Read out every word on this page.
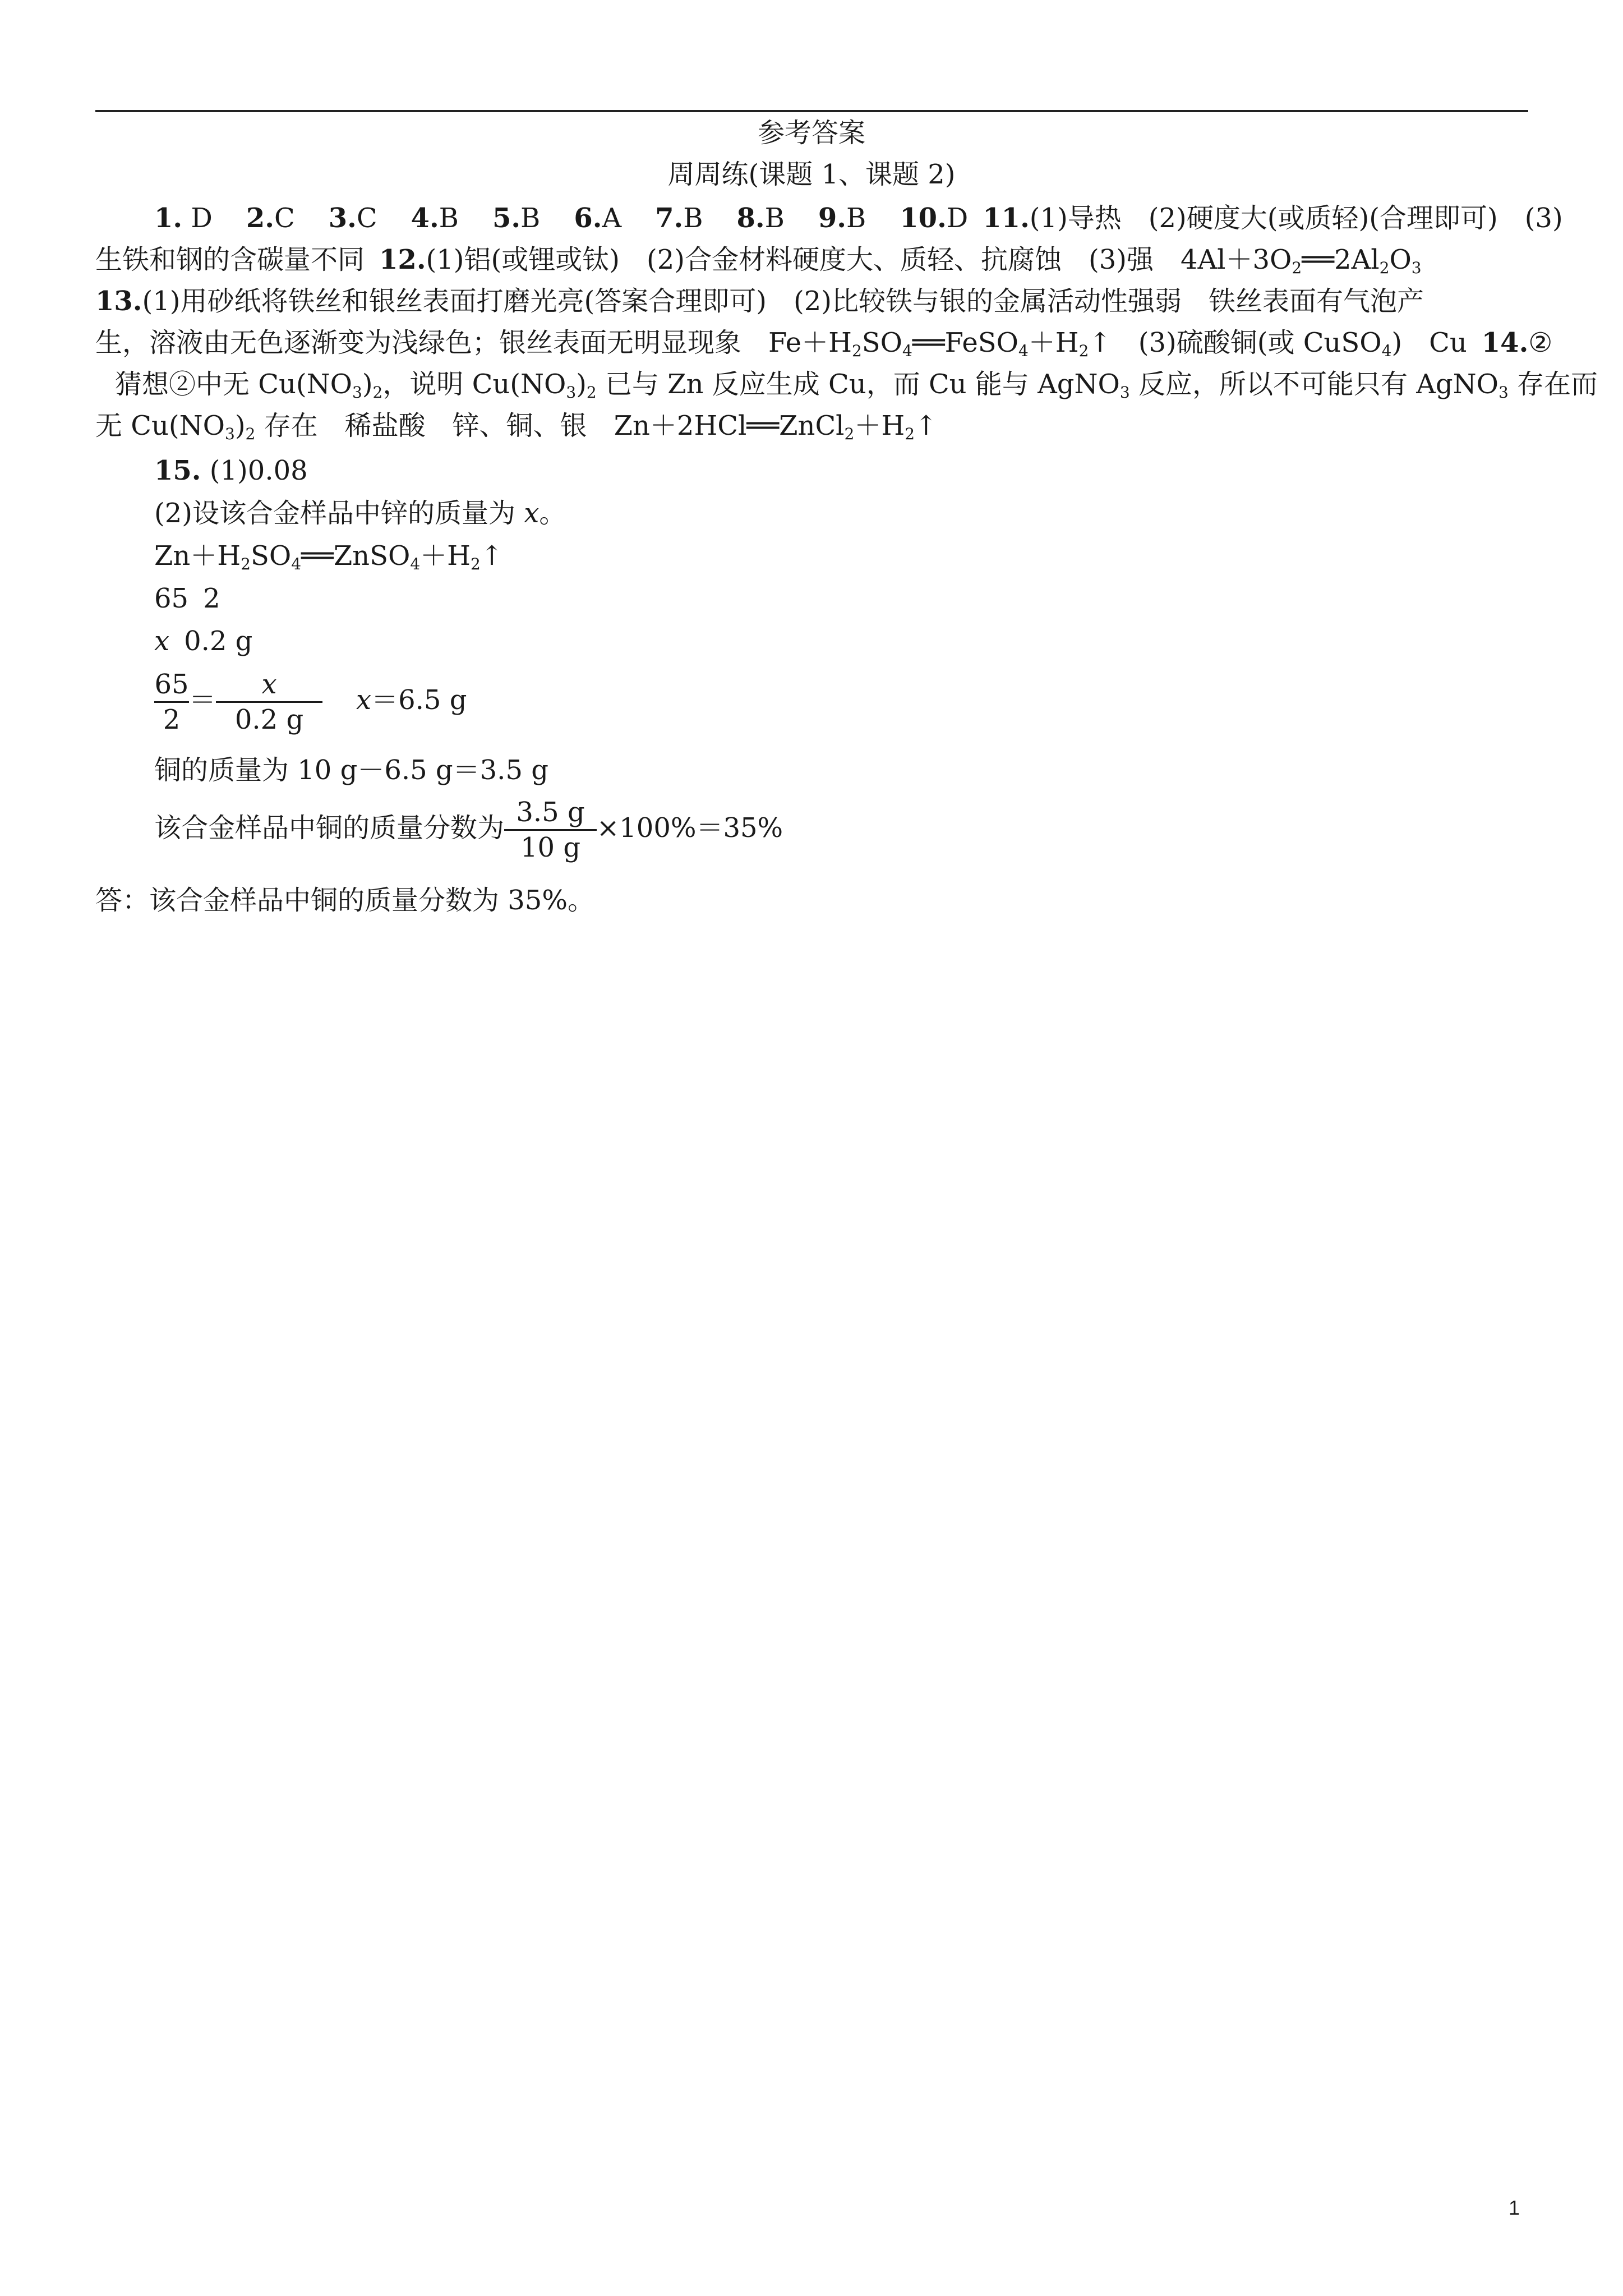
参考答案
周周练(课题 1、课题 2)
1. D 2.C 3.C 4.B 5.B 6.A 7.B 8.B 9.B 10.D 11.(1)导热　(2)硬度大(或质轻)(合理即可)　(3)
生铁和钢的含碳量不同 12.(1)铝(或锂或钛)　(2)合金材料硬度大、质轻、抗腐蚀　(3)强　$4Al+3O_2══2Al_2O_3$
13.(1)用砂纸将铁丝和银丝表面打磨光亮(答案合理即可)　(2)比较铁与银的金属活动性强弱　铁丝表面有气泡产
生，溶液由无色逐渐变为浅绿色；银丝表面无明显现象　$Fe+H_2SO_4══FeSO_4+H_2↑$　(3)硫酸铜(或 CuSO$_4$)　Cu 14.②
猜想②中无 $Cu(NO_3)_2$，说明 $Cu(NO_3)_2$ 已与 Zn 反应生成 Cu，而 Cu 能与 AgNO$_3$ 反应，所以不可能只有 AgNO$_3$ 存在而
无 $Cu(NO_3)_2$ 存在　稀盐酸　锌、铜、银　$Zn+2HCl══ZnCl_2+H_2↑$
15. (1)0.08
(2)设该合金样品中锌的质量为 x。
$Zn+H_2SO_4══ZnSO_4+H_2↑$
65 2
x 0.2 g
$\frac{65}{2} = \frac{x}{0.2 g} x=6.5$ g
铜的质量为 10 g－6.5 g＝3.5 g
该合金样品中铜的质量分数为 $\frac{3.5 g}{10 g} \times 100\%=35\%$
答：该合金样品中铜的质量分数为 35%。
1
